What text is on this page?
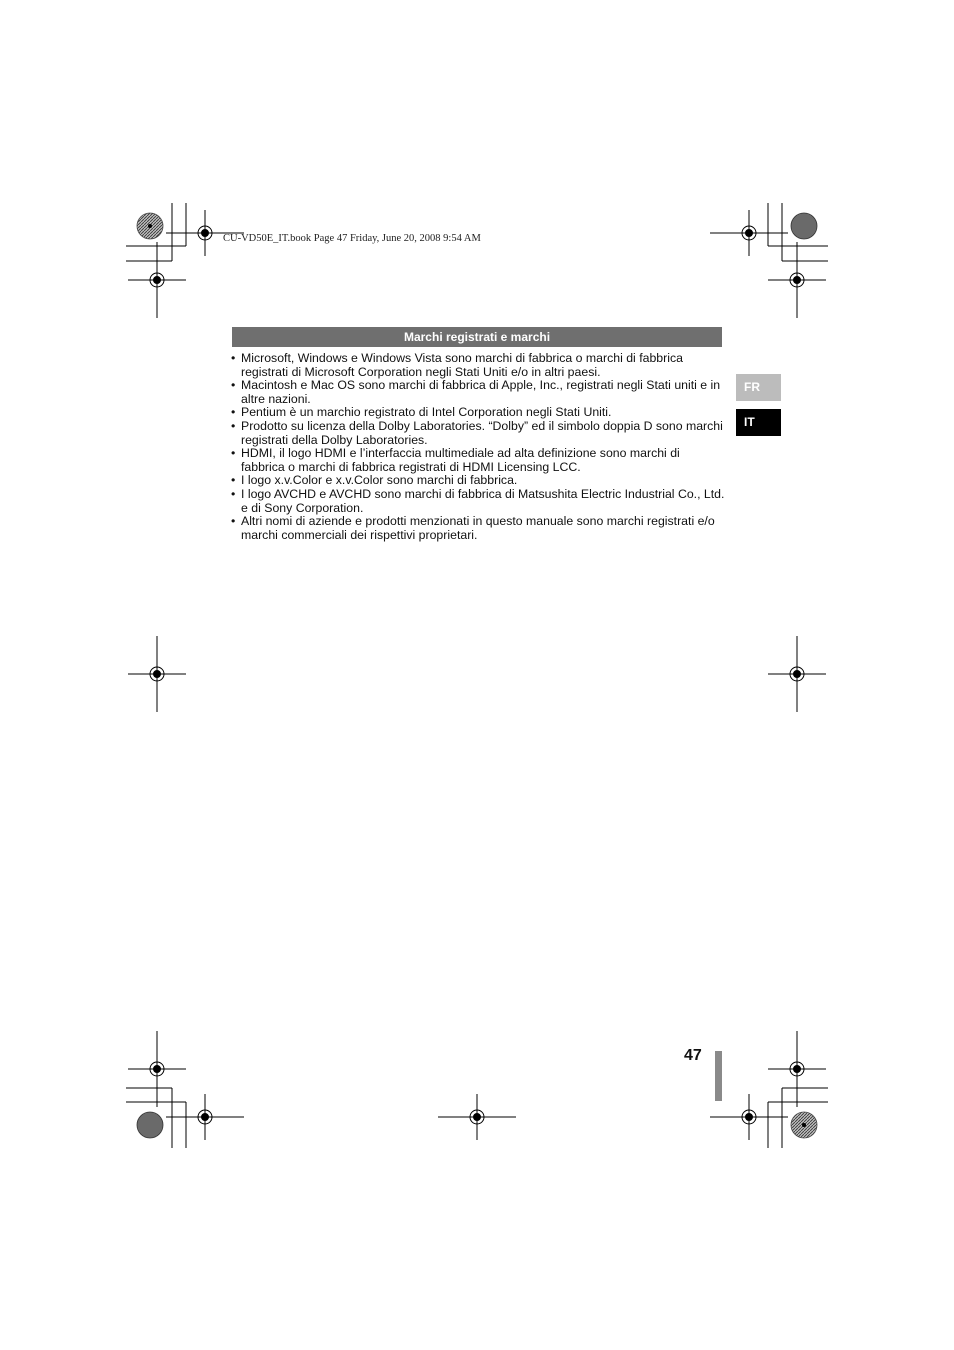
CU-VD50E_IT.book Page 47 Friday, June 20, 2008 9:54 AM
Marchi registrati e marchi
• Microsoft, Windows e Windows Vista sono marchi di fabbrica o marchi di fabbrica registrati di Microsoft Corporation negli Stati Uniti e/o in altri paesi.
• Macintosh e Mac OS sono marchi di fabbrica di Apple, Inc., registrati negli Stati uniti e in altre nazioni.
• Pentium è un marchio registrato di Intel Corporation negli Stati Uniti.
• Prodotto su licenza della Dolby Laboratories. “Dolby” ed il simbolo doppia D sono marchi registrati della Dolby Laboratories.
• HDMI, il logo HDMI e l’interfaccia multimediale ad alta definizione sono marchi di fabbrica o marchi di fabbrica registrati di HDMI Licensing LCC.
• I logo x.v.Color e x.v.Color sono marchi di fabbrica.
• I logo AVCHD e AVCHD sono marchi di fabbrica di Matsushita Electric Industrial Co., Ltd. e di Sony Corporation.
• Altri nomi di aziende e prodotti menzionati in questo manuale sono marchi registrati e/o marchi commerciali dei rispettivi proprietari.
FR
IT
47
